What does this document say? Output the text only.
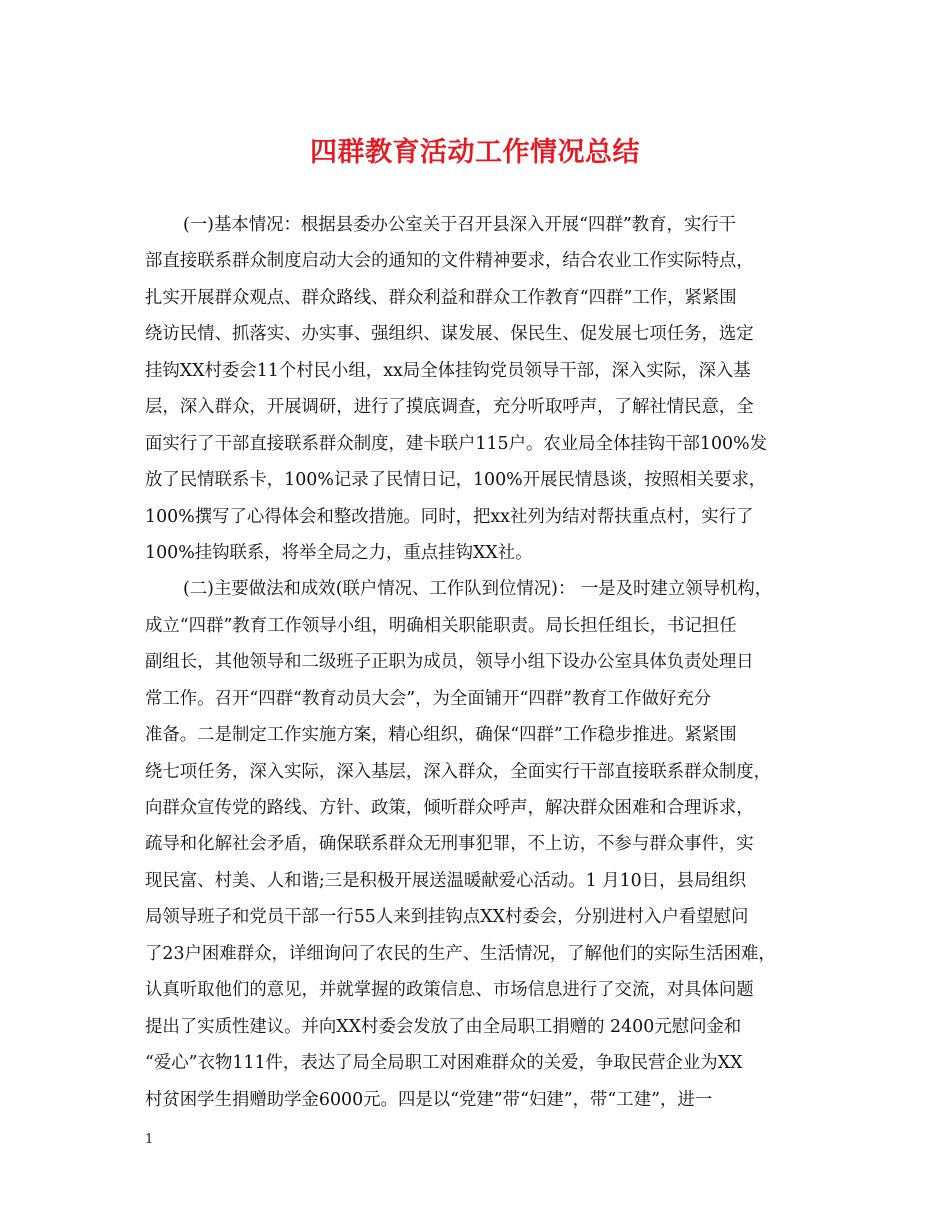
四群教育活动工作情况总结
(一)基本情况：根据县委办公室关于召开县深入开展“四群”教育，实行干
部直接联系群众制度启动大会的通知的文件精神要求，结合农业工作实际特点，
扎实开展群众观点、群众路线、群众利益和群众工作教育“四群”工作，紧紧围
绕访民情、抓落实、办实事、强组织、谋发展、保民生、促发展七项任务，选定
挂钩XX村委会11个村民小组，xx局全体挂钩党员领导干部，深入实际，深入基
层，深入群众，开展调研，进行了摸底调查，充分听取呼声，了解社情民意，全
面实行了干部直接联系群众制度，建卡联户115户。农业局全体挂钩干部100%发
放了民情联系卡，100%记录了民情日记，100%开展民情恳谈，按照相关要求，
100%撰写了心得体会和整改措施。同时，把xx社列为结对帮扶重点村，实行了
100%挂钩联系，将举全局之力，重点挂钩XX社。
(二)主要做法和成效(联户情况、工作队到位情况)： 一是及时建立领导机构，
成立“四群”教育工作领导小组，明确相关职能职责。局长担任组长，书记担任
副组长，其他领导和二级班子正职为成员，领导小组下设办公室具体负责处理日
常工作。召开“四群“教育动员大会”，为全面铺开“四群”教育工作做好充分
准备。二是制定工作实施方案，精心组织，确保“四群”工作稳步推进。紧紧围
绕七项任务，深入实际，深入基层，深入群众，全面实行干部直接联系群众制度，
向群众宣传党的路线、方针、政策，倾听群众呼声，解决群众困难和合理诉求，
疏导和化解社会矛盾，确保联系群众无刑事犯罪，不上访，不参与群众事件，实
现民富、村美、人和谐;三是积极开展送温暖献爱心活动。1 月10日，县局组织
局领导班子和党员干部一行55人来到挂钩点XX村委会，分别进村入户看望慰问
了23户困难群众，详细询问了农民的生产、生活情况，了解他们的实际生活困难，
认真听取他们的意见，并就掌握的政策信息、市场信息进行了交流，对具体问题
提出了实质性建议。并向XX村委会发放了由全局职工捐赠的 2400元慰问金和
“爱心”衣物111件，表达了局全局职工对困难群众的关爱，争取民营企业为XX
村贫困学生捐赠助学金6000元。四是以“党建”带“妇建”，带“工建”，进一
1
